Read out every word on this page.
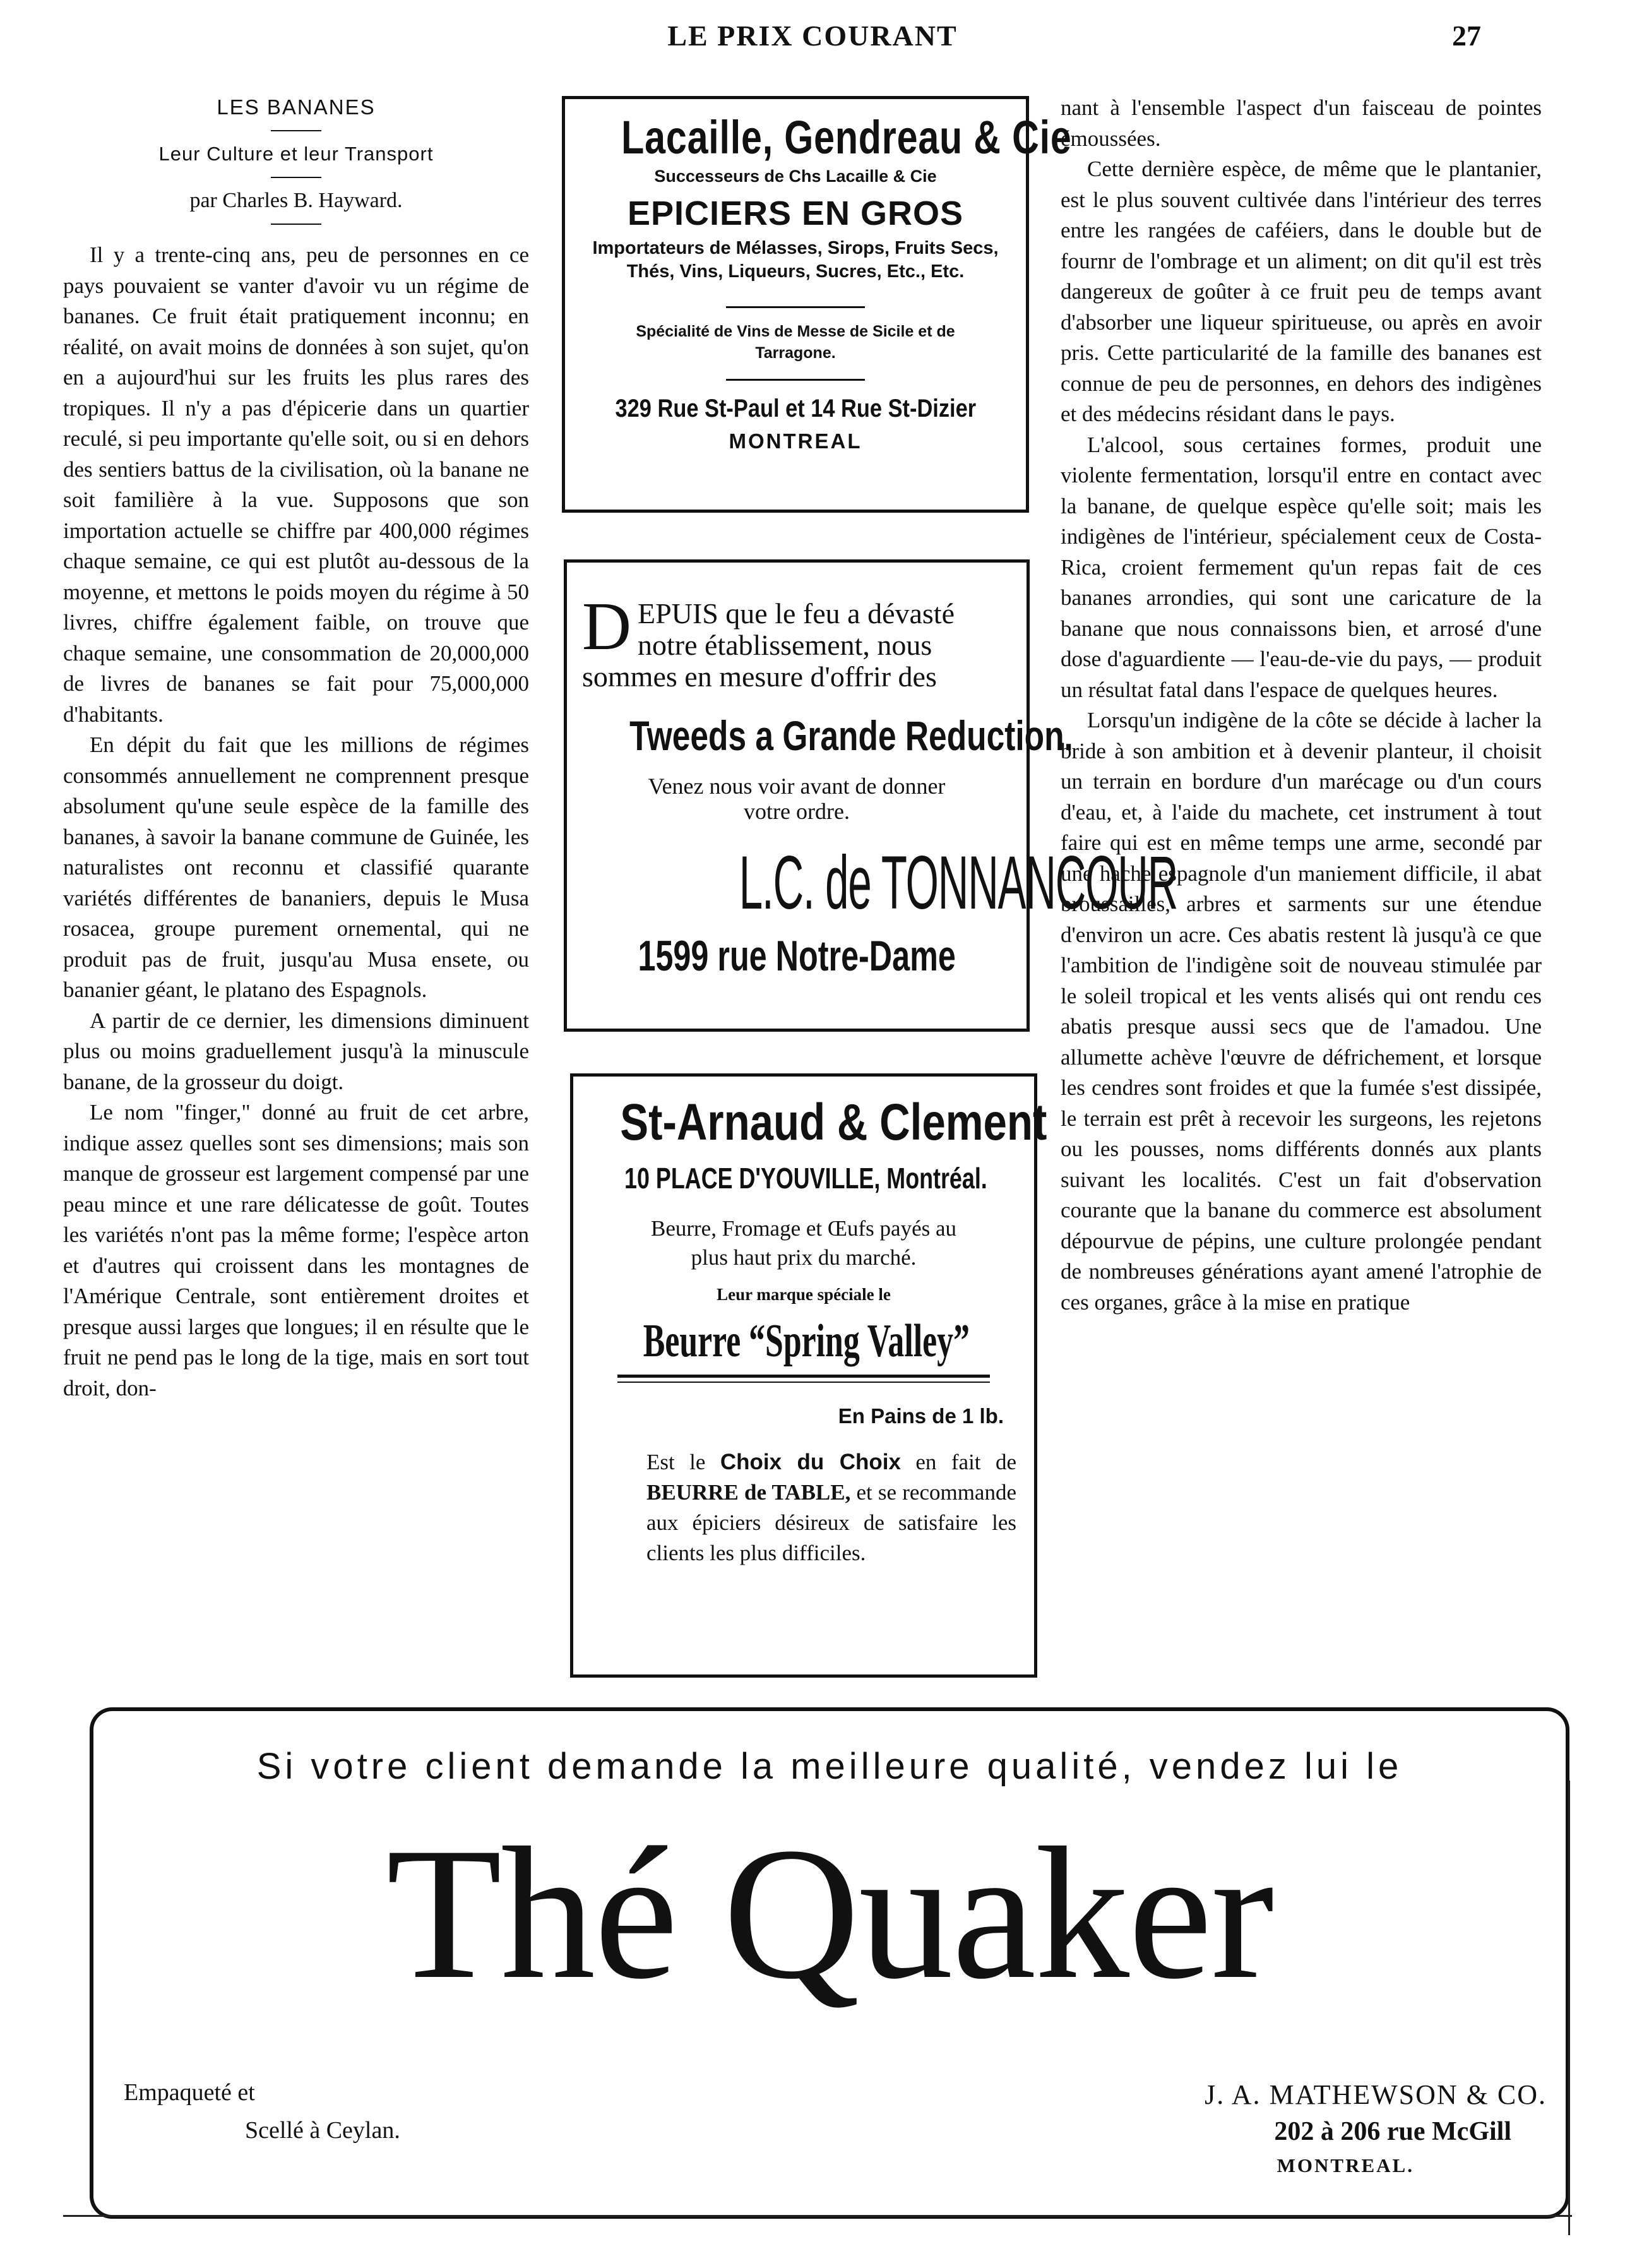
LE PRIX COURANT	27
LES BANANES
Leur Culture et leur Transport
par Charles B. Hayward.

Il y a trente-cinq ans, peu de personnes en ce pays pouvaient se vanter d'avoir vu un régime de bananes. Ce fruit était pratiquement inconnu; en réalité, on avait moins de données à son sujet, qu'on en a aujourd'hui sur les fruits les plus rares des tropiques. Il n'y a pas d'épicerie dans un quartier reculé, si peu importante qu'elle soit, ou si en dehors des sentiers battus de la civilisation, où la banane ne soit familière à la vue. Supposons que son importation actuelle se chiffre par 400,000 régimes chaque semaine, ce qui est plutôt au-dessous de la moyenne, et mettons le poids moyen du régime à 50 livres, chiffre également faible, on trouve que chaque semaine, une consommation de 20,000,000 de livres de bananes se fait pour 75,000,000 d'habitants.

En dépit du fait que les millions de régimes consommés annuellement ne comprennent presque absolument qu'une seule espèce de la famille des bananes, à savoir la banane commune de Guinée, les naturalistes ont reconnu et classifié quarante variétés différentes de bananiers, depuis le Musa rosacea, groupe purement ornemental, qui ne produit pas de fruit, jusqu'au Musa ensete, ou bananier géant, le platano des Espagnols.

A partir de ce dernier, les dimensions diminuent plus ou moins graduellement jusqu'à la minuscule banane, de la grosseur du doigt.

Le nom "finger," donné au fruit de cet arbre, indique assez quelles sont ses dimensions; mais son manque de grosseur est largement compensé par une peau mince et une rare délicatesse de goût. Toutes les variétés n'ont pas la même forme; l'espèce arton et d'autres qui croissent dans les montagnes de l'Amérique Centrale, sont entièrement droites et presque aussi larges que longues; il en résulte que le fruit ne pend pas le long de la tige, mais en sort tout droit, don-

nant à l'ensemble l'aspect d'un faisceau de pointes émoussées.

Cette dernière espèce, de même que le plantanier, est le plus souvent cultivée dans l'intérieur des terres entre les rangées de caféiers, dans le double but de fournr de l'ombrage et un aliment; on dit qu'il est très dangereux de goûter à ce fruit peu de temps avant d'absorber une liqueur spiritueuse, ou après en avoir pris. Cette particularité de la famille des bananes est connue de peu de personnes, en dehors des indigènes et des médecins résidant dans le pays.

L'alcool, sous certaines formes, produit une violente fermentation, lorsqu'il entre en contact avec la banane, de quelque espèce qu'elle soit; mais les indigènes de l'intérieur, spécialement ceux de Costa-Rica, croient fermement qu'un repas fait de ces bananes arrondies, qui sont une caricature de la banane que nous connaissons bien, et arrosé d'une dose d'aguardiente — l'eau-de-vie du pays, — produit un résultat fatal dans l'espace de quelques heures.

Lorsqu'un indigène de la côte se décide à lacher la bride à son ambition et à devenir planteur, il choisit un terrain en bordure d'un marécage ou d'un cours d'eau, et, à l'aide du machete, cet instrument à tout faire qui est en même temps une arme, secondé par une hache espagnole d'un maniement difficile, il abat broussailles, arbres et sarments sur une étendue d'environ un acre. Ces abatis restent là jusqu'à ce que l'ambition de l'indigène soit de nouveau stimulée par le soleil tropical et les vents alisés qui ont rendu ces abatis presque aussi secs que de l'amadou. Une allumette achève l'œuvre de défrichement, et lorsque les cendres sont froides et que la fumée s'est dissipée, le terrain est prêt à recevoir les surgeons, les rejetons ou les pousses, noms différents donnés aux plants suivant les localités. C'est un fait d'observation courante que la banane du commerce est absolument dépourvue de pépins, une culture prolongée pendant de nombreuses générations ayant amené l'atrophie de ces organes, grâce à la mise en pratique

Lacaille, Gendreau & Cie
Successeurs de Chs Lacaille & Cie
EPICIERS EN GROS
Importateurs de Mélasses, Sirops, Fruits Secs, Thés, Vins, Liqueurs, Sucres, Etc., Etc.
Spécialité de Vins de Messe de Sicile et de Tarragone.
329 Rue St-Paul et 14 Rue St-Dizier
MONTREAL
D EPUIS que le feu a dévasté notre établissement, nous sommes en mesure d'offrir des
Tweeds a Grande Reduction.
Venez nous voir avant de donner votre ordre.
L.C. de TONNANCOUR
1599 rue Notre-Dame
St-Arnaud & Clement
10 PLACE D'YOUVILLE, Montréal.
Beurre, Fromage et Œufs payés au plus haut prix du marché.
Leur marque spéciale le
Beurre “Spring Valley”
En Pains de 1 lb.
Est le Choix du Choix en fait de BEURRE de TABLE, et se recommande aux épiciers désireux de satisfaire les clients les plus difficiles.
Si votre client demande la meilleure qualité, vendez lui le
Thé Quaker
Empaqueté et
Scellé à Ceylan.
J. A. MATHEWSON & CO.
202 à 206 rue McGill
MONTREAL.
